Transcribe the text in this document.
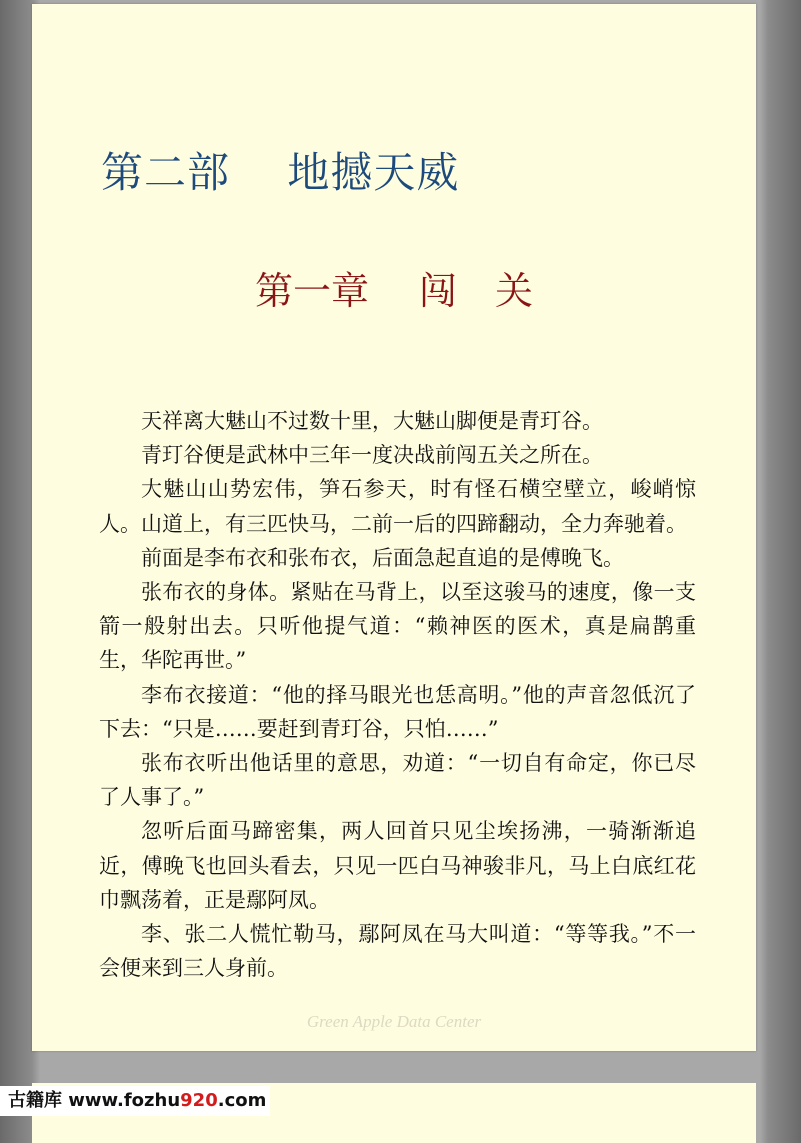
第二部　 地撼天威
第一章　 闯　关

天祥离大魅山不过数十里，大魅山脚便是青玎谷。

青玎谷便是武林中三年一度决战前闯五关之所在。

大魅山山势宏伟，笋石参天，时有怪石横空壁立，峻峭惊人。山道上，有三匹快马，二前一后的四蹄翻动，全力奔驰着。

前面是李布衣和张布衣，后面急起直追的是傅晚飞。

张布衣的身体。紧贴在马背上，以至这骏马的速度，像一支箭一般射出去。只听他提气道：“赖神医的医术，真是扁鹊重生，华陀再世。”

李布衣接道：“他的择马眼光也恁高明。”他的声音忽低沉了下去：“只是……要赶到青玎谷，只怕……”

张布衣听出他话里的意思，劝道：“一切自有命定，你已尽了人事了。”

忽听后面马蹄密集，两人回首只见尘埃扬沸，一骑渐渐追近，傅晚飞也回头看去，只见一匹白马神骏非凡，马上白底红花巾飘荡着，正是鄢阿凤。

李、张二人慌忙勒马，鄢阿凤在马大叫道：“等等我。”不一会便来到三人身前。

Green Apple Data Center
古籍库 www.fozhu920.com
